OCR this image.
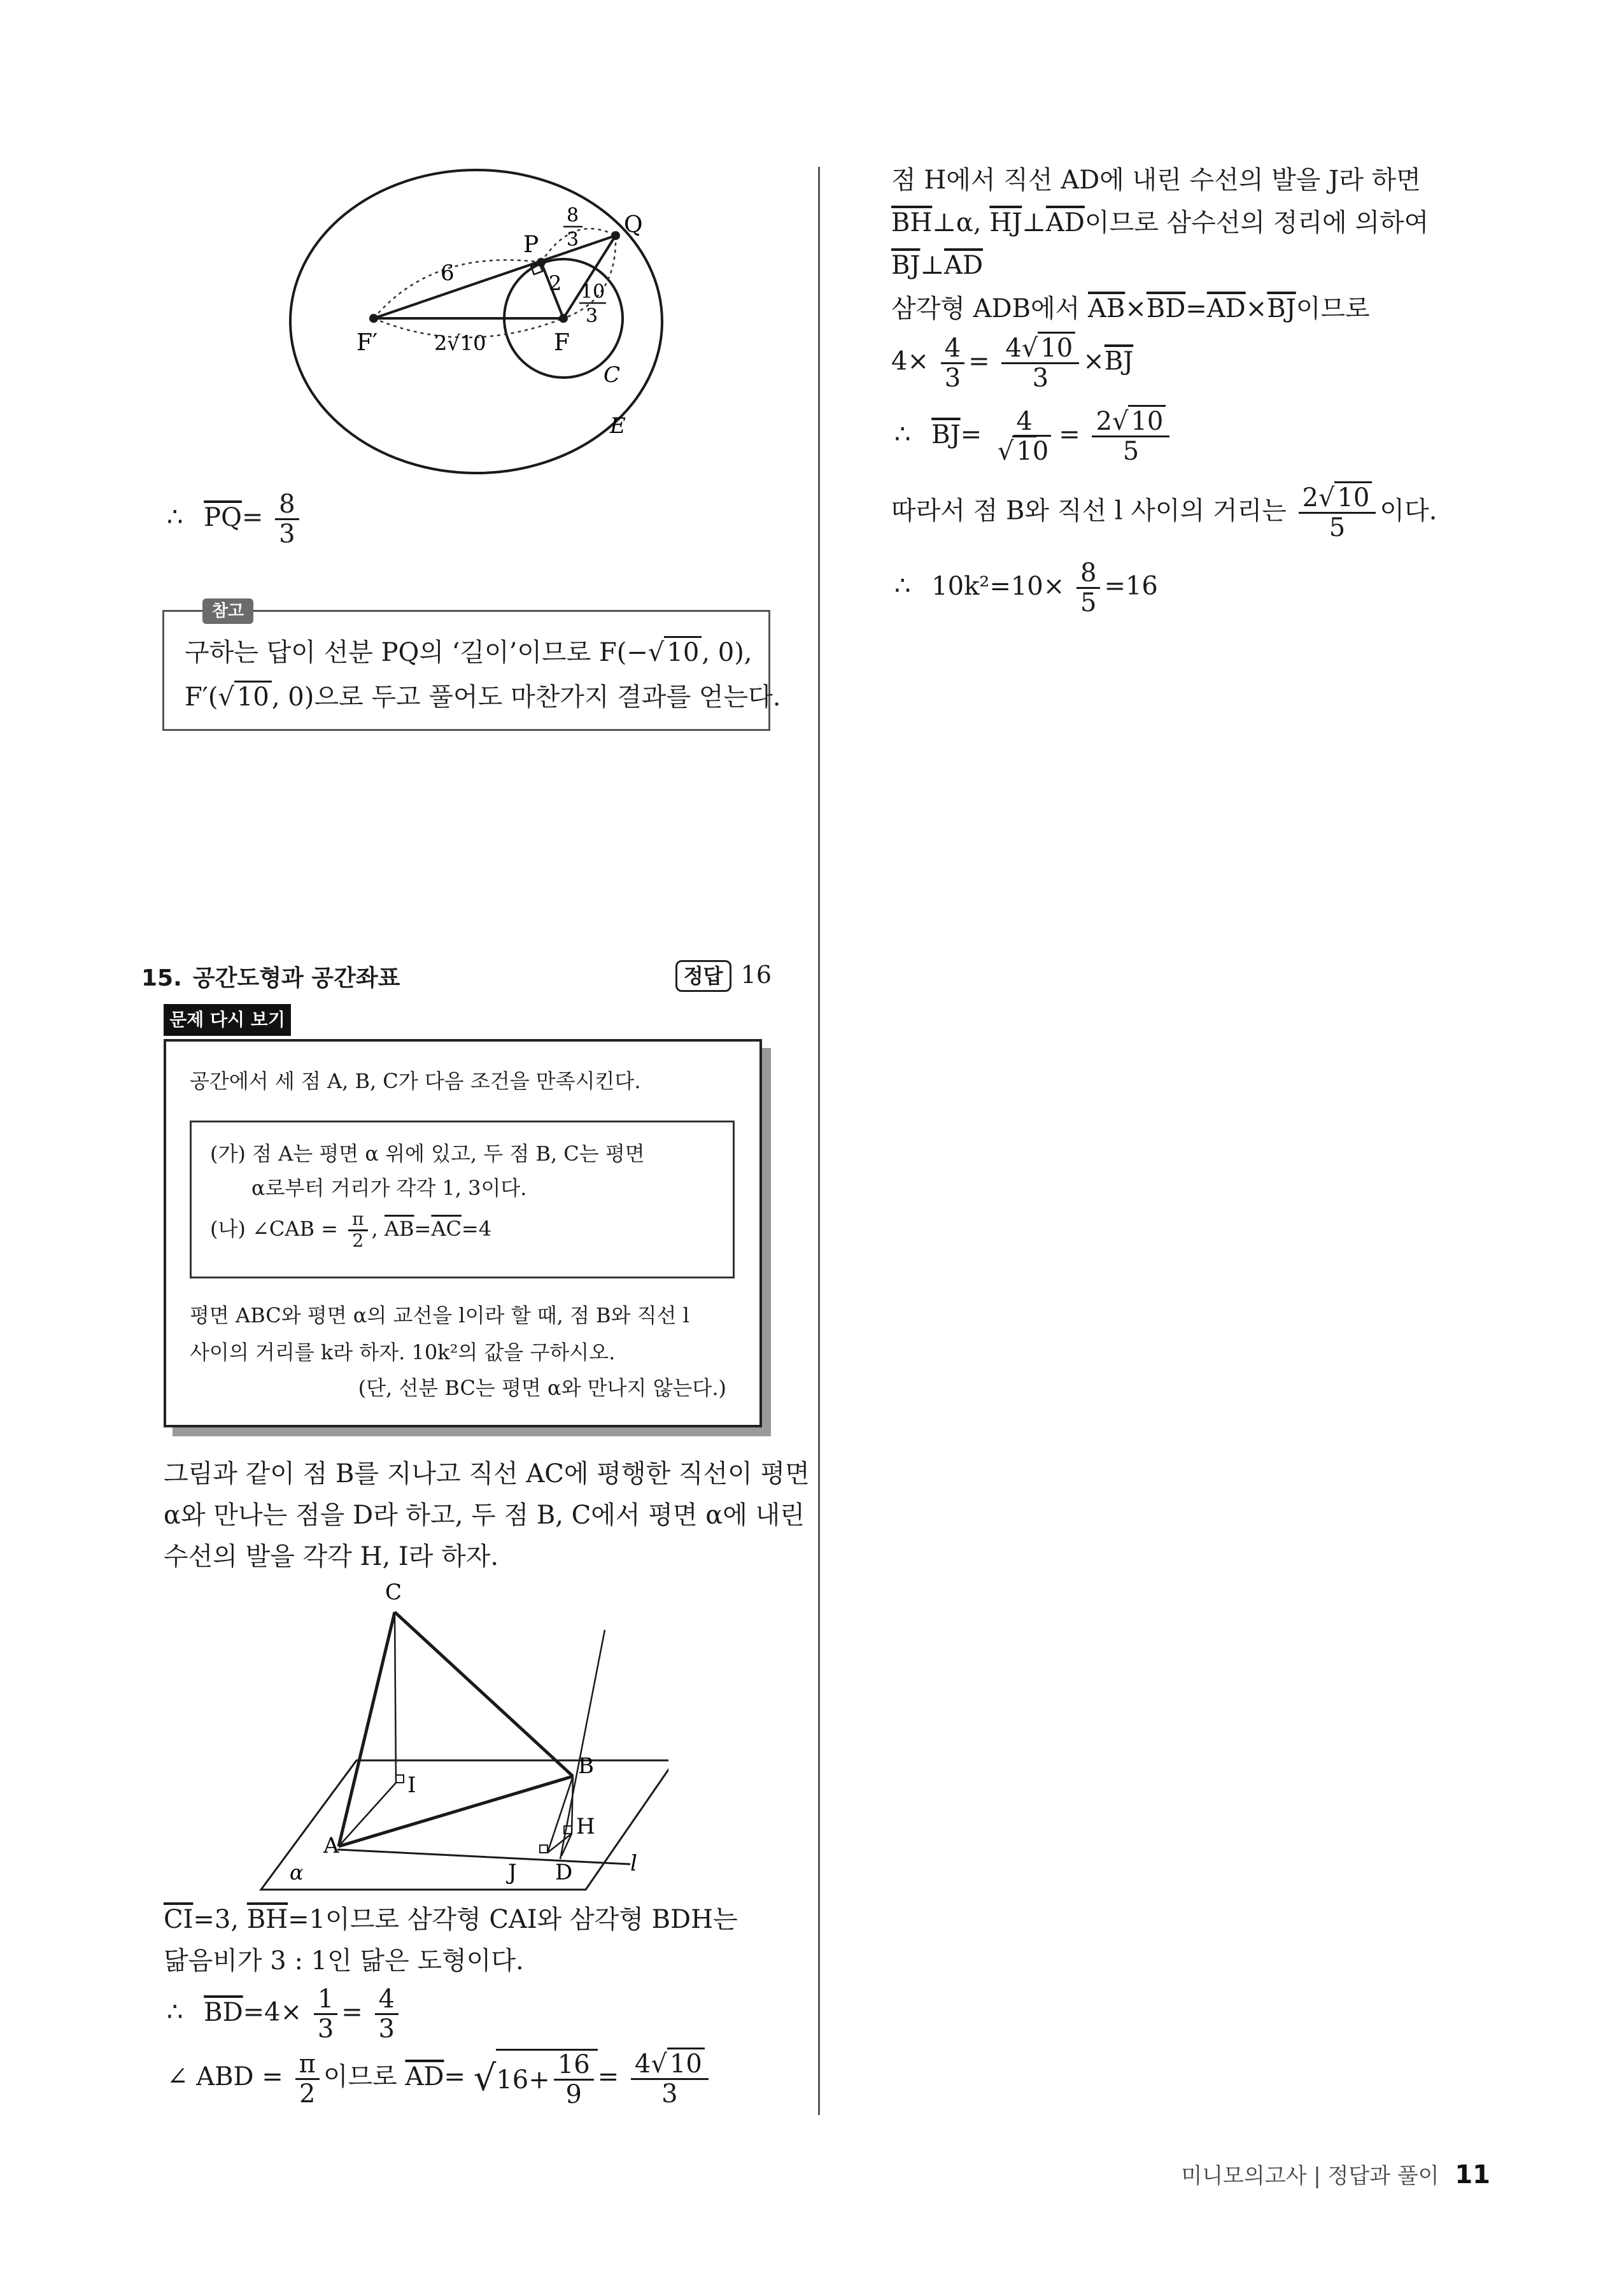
P
Q
F′	F
C
E
6	2
8
3
10
3
2√10
∴ $\overline{PQ}= \frac{8}{3}$
참고
구하는 답이 선분 PQ의 ‘길이’이므로 F(−√ 10 , 0),
F′(√ 10 , 0)으로 두고 풀어도 마찬가지 결과를 얻는다.
15. 공간도형과 공간좌표	정답 16
문제 다시 보기
공간에서 세 점 A, B, C가 다음 조건을 만족시킨다.
(가) 점 A는 평면 α 위에 있고, 두 점 B, C는 평면
α로부터 거리가 각각 1, 3이다.
(나) ∠CAB = $\frac{\pi}{2}$ , $\overline{AB}=\overline{AC}=4$
평면 ABC와 평면 α의 교선을 l이라 할 때, 점 B와 직선 l
사이의 거리를 k라 하자. 10k²의 값을 구하시오.
(단, 선분 BC는 평면 α와 만나지 않는다.)
그림과 같이 점 B를 지나고 직선 AC에 평행한 직선이 평면
α와 만나는 점을 D라 하고, 두 점 B, C에서 평면 α에 내린
수선의 발을 각각 H, I라 하자.
C
I
B
H
A
J D
α	l
$\overline{CI}=3$, $\overline{BH}=1$이므로 삼각형 CAI와 삼각형 BDH는
닮음비가 3 : 1인 닮은 도형이다.
∴ $\overline{BD}=4\times \frac{1}{3} = \frac{4}{3}$
∠ ABD = $\frac{\pi}{2}$ 이므로 $\overline{AD}=$ √ $16+ \frac{16}{9} = \frac{4√ 10}{3}$
점 H에서 직선 AD에 내린 수선의 발을 J라 하면
$\overline{BH}\perp\alpha$, $\overline{HJ}\perp\overline{AD}$이므로 삼수선의 정리에 의하여
$\overline{BJ}\perp\overline{AD}$
삼각형 ADB에서 $\overline{AB}\times\overline{BD}=\overline{AD}\times\overline{BJ}$이므로
$4\times \frac{4}{3} = \frac{4√ 10}{3} \times\overline{BJ}$
∴ $\overline{BJ}= \frac{4}{√ 10} = \frac{2√ 10}{5}$
따라서 점 B와 직선 l 사이의 거리는 $\frac{2√ 10}{5}$ 이다.
∴ $10k^2=10\times \frac{8}{5} =16$
미니모의고사 | 정답과 풀이 11
